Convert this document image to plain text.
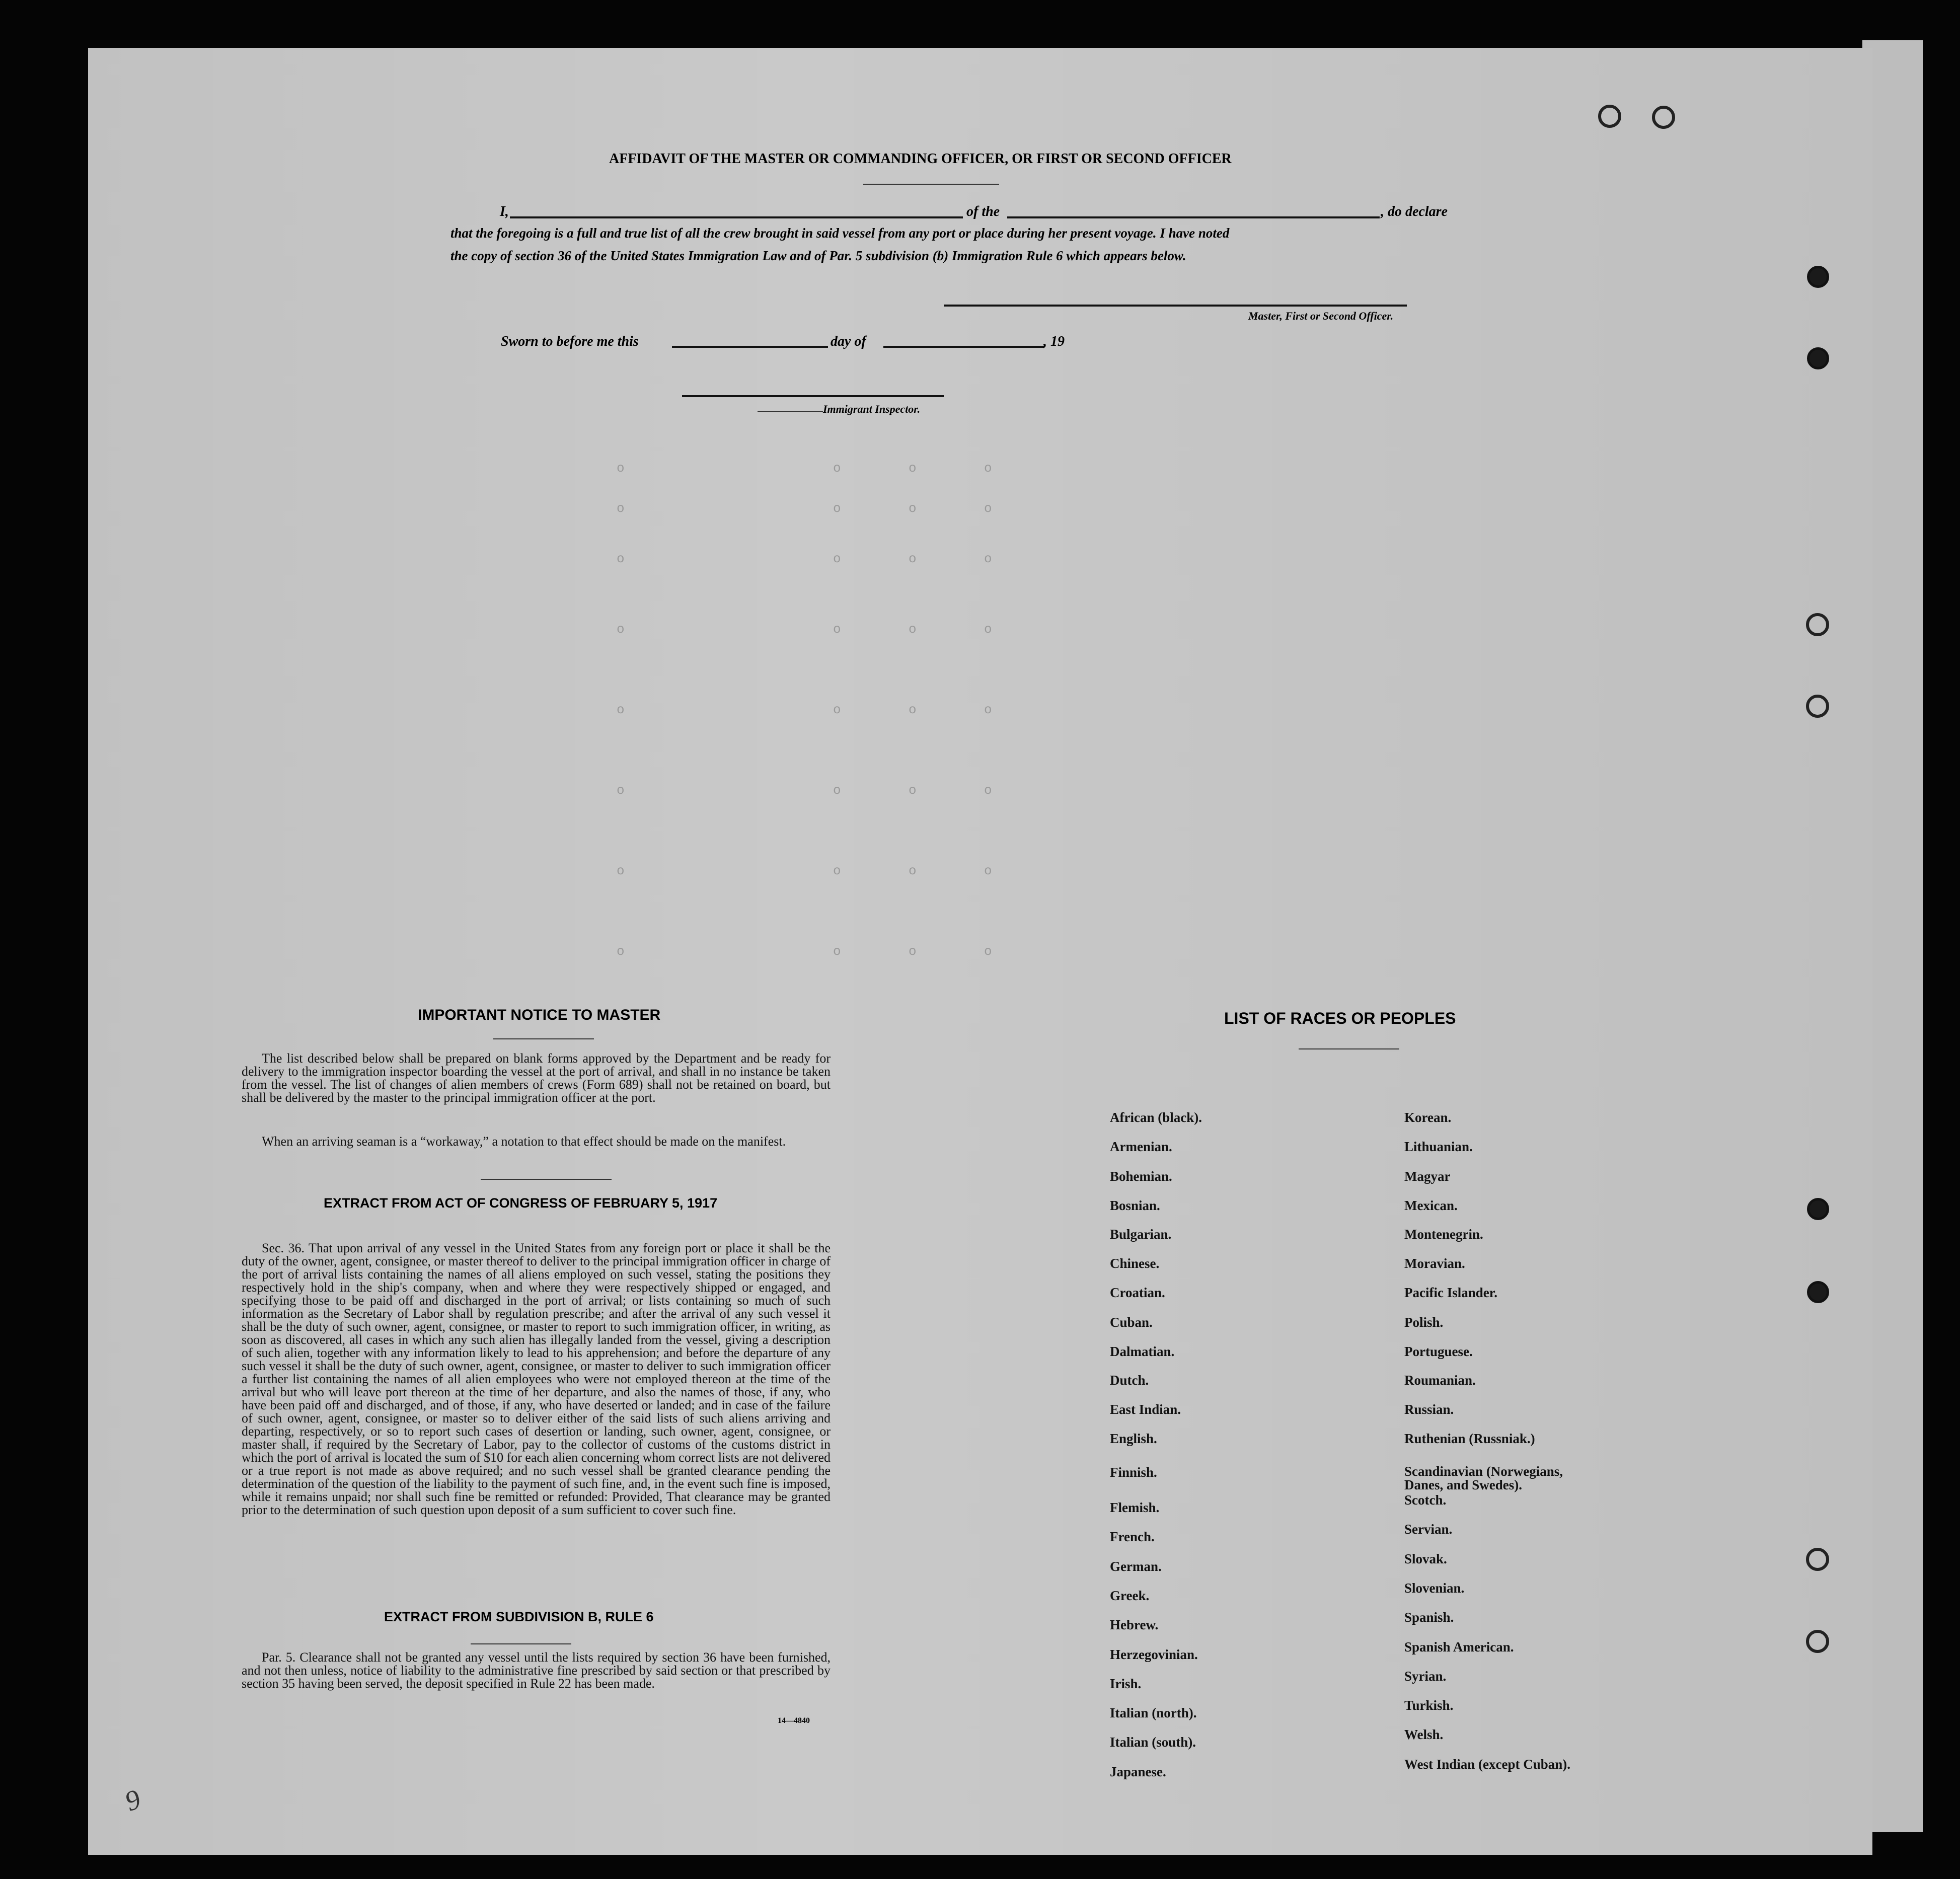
o	o	o	o
o	o	o	o
o	o	o	o
o	o	o	o
o	o	o	o
o	o	o	o
o	o	o	o
o	o	o	o
AFFIDAVIT OF THE MASTER OR COMMANDING OFFICER, OR FIRST OR SECOND OFFICER
I,	of the	, do declare
that the foregoing is a full and true list of all the crew brought in said vessel from any port or place during her present voyage. I have noted
the copy of section 36 of the United States Immigration Law and of Par. 5 subdivision (b) Immigration Rule 6 which appears below.
Master, First or Second Officer.
Sworn to before me this	day of	, 19
Immigrant Inspector.
IMPORTANT NOTICE TO MASTER
The list described below shall be prepared on blank forms approved by the Department and be ready for delivery to the immigration inspector boarding the vessel at the port of arrival, and shall in no instance be taken from the vessel. The list of changes of alien members of crews (Form 689) shall not be retained on board, but shall be delivered by the master to the principal immigration officer at the port.
When an arriving seaman is a “workaway,” a notation to that effect should be made on the manifest.
EXTRACT FROM ACT OF CONGRESS OF FEBRUARY 5, 1917
Sec. 36. That upon arrival of any vessel in the United States from any foreign port or place it shall be the duty of the owner, agent, consignee, or master thereof to deliver to the principal immigration officer in charge of the port of arrival lists containing the names of all aliens employed on such vessel, stating the positions they respectively hold in the ship's company, when and where they were respectively shipped or engaged, and specifying those to be paid off and discharged in the port of arrival; or lists containing so much of such information as the Secretary of Labor shall by regulation prescribe; and after the arrival of any such vessel it shall be the duty of such owner, agent, consignee, or master to report to such immigration officer, in writing, as soon as discovered, all cases in which any such alien has illegally landed from the vessel, giving a description of such alien, together with any information likely to lead to his apprehension; and before the departure of any such vessel it shall be the duty of such owner, agent, consignee, or master to deliver to such immigration officer a further list containing the names of all alien employees who were not employed thereon at the time of the arrival but who will leave port thereon at the time of her departure, and also the names of those, if any, who have been paid off and discharged, and of those, if any, who have deserted or landed; and in case of the failure of such owner, agent, consignee, or master so to deliver either of the said lists of such aliens arriving and departing, respectively, or so to report such cases of desertion or landing, such owner, agent, consignee, or master shall, if required by the Secretary of Labor, pay to the collector of customs of the customs district in which the port of arrival is located the sum of $10 for each alien concerning whom correct lists are not delivered or a true report is not made as above required; and no such vessel shall be granted clearance pending the determination of the question of the liability to the payment of such fine, and, in the event such fine is imposed, while it remains unpaid; nor shall such fine be remitted or refunded: Provided, That clearance may be granted prior to the determination of such question upon deposit of a sum sufficient to cover such fine.
EXTRACT FROM SUBDIVISION B, RULE 6
Par. 5. Clearance shall not be granted any vessel until the lists required by section 36 have been furnished, and not then unless, notice of liability to the administrative fine prescribed by said section or that prescribed by section 35 having been served, the deposit specified in Rule 22 has been made.
14—4840
LIST OF RACES OR PEOPLES
9
African (black).
Armenian.
Bohemian.
Bosnian.
Bulgarian.
Chinese.
Croatian.
Cuban.
Dalmatian.
Dutch.
East Indian.
English.
Finnish.
Flemish.
French.
German.
Greek.
Hebrew.
Herzegovinian.
Irish.
Italian (north).
Italian (south).
Japanese.
Korean.
Lithuanian.
Magyar
Mexican.
Montenegrin.
Moravian.
Pacific Islander.
Polish.
Portuguese.
Roumanian.
Russian.
Ruthenian (Russniak.)
Scandinavian (Norwegians, Danes, and Swedes).
Scotch.
Servian.
Slovak.
Slovenian.
Spanish.
Spanish American.
Syrian.
Turkish.
Welsh.
West Indian (except Cuban).
